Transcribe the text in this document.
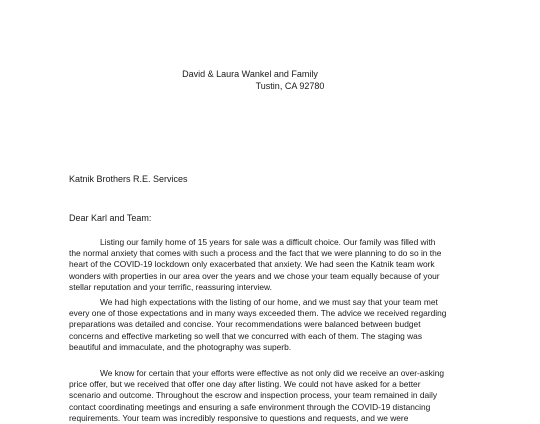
David & Laura Wankel and Family
Tustin, CA 92780
Katnik Brothers R.E. Services
Dear Karl and Team:

Listing our family home of 15 years for sale was a difficult choice. Our family was filled with the normal anxiety that comes with such a process and the fact that we were planning to do so in the heart of the COVID-19 lockdown only exacerbated that anxiety. We had seen the Katnik team work wonders with properties in our area over the years and we chose your team equally because of your stellar reputation and your terrific, reassuring interview.

We had high expectations with the listing of our home, and we must say that your team met every one of those expectations and in many ways exceeded them. The advice we received regarding preparations was detailed and concise. Your recommendations were balanced between budget concerns and effective marketing so well that we concurred with each of them. The staging was beautiful and immaculate, and the photography was superb.

We know for certain that your efforts were effective as not only did we receive an over-asking price offer, but we received that offer one day after listing. We could not have asked for a better scenario and outcome. Throughout the escrow and inspection process, your team remained in daily contact coordinating meetings and ensuring a safe environment through the COVID-19 distancing requirements. Your team was incredibly responsive to questions and requests, and we were
